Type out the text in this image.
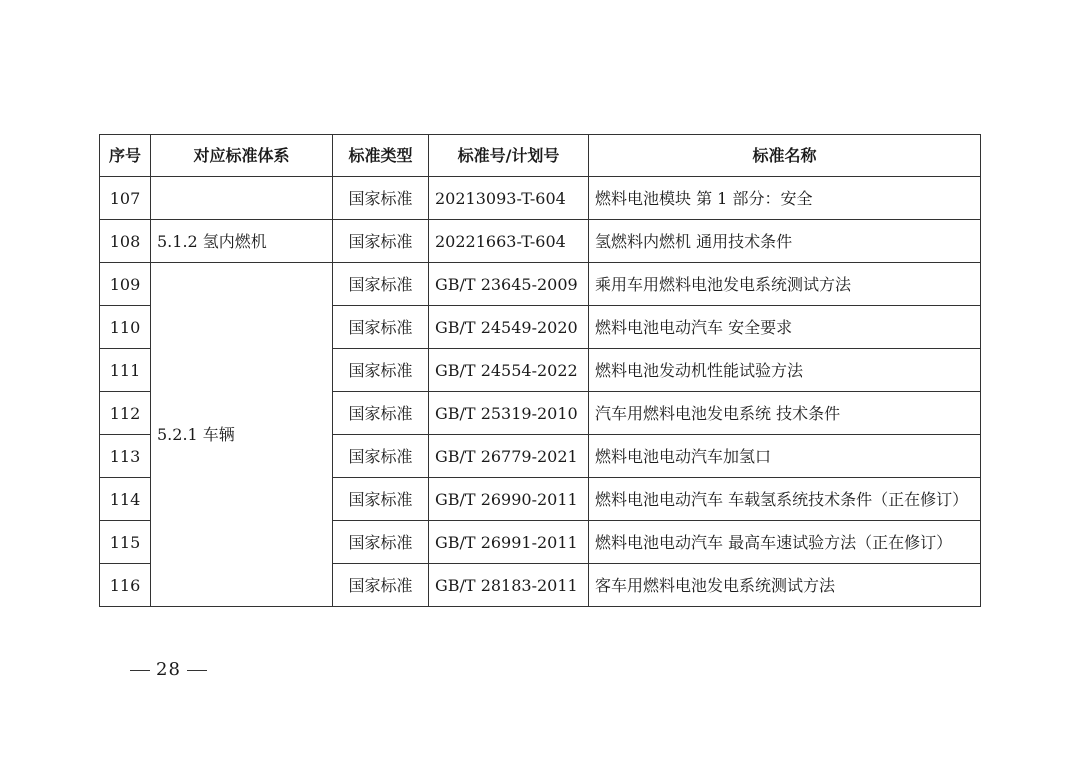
序号	对应标准体系	标准类型	标准号/计划号	标准名称
107		国家标准	20213093-T-604	燃料电池模块 第 1 部分：安全
108	5.1.2 氢内燃机	国家标准	20221663-T-604	氢燃料内燃机 通用技术条件
109	5.2.1 车辆	国家标准	GB/T 23645-2009	乘用车用燃料电池发电系统测试方法
110		国家标准	GB/T 24549-2020	燃料电池电动汽车 安全要求
111		国家标准	GB/T 24554-2022	燃料电池发动机性能试验方法
112		国家标准	GB/T 25319-2010	汽车用燃料电池发电系统 技术条件
113		国家标准	GB/T 26779-2021	燃料电池电动汽车加氢口
114		国家标准	GB/T 26990-2011	燃料电池电动汽车 车载氢系统技术条件（正在修订）
115		国家标准	GB/T 26991-2011	燃料电池电动汽车 最高车速试验方法（正在修订）
116		国家标准	GB/T 28183-2011	客车用燃料电池发电系统测试方法
28
